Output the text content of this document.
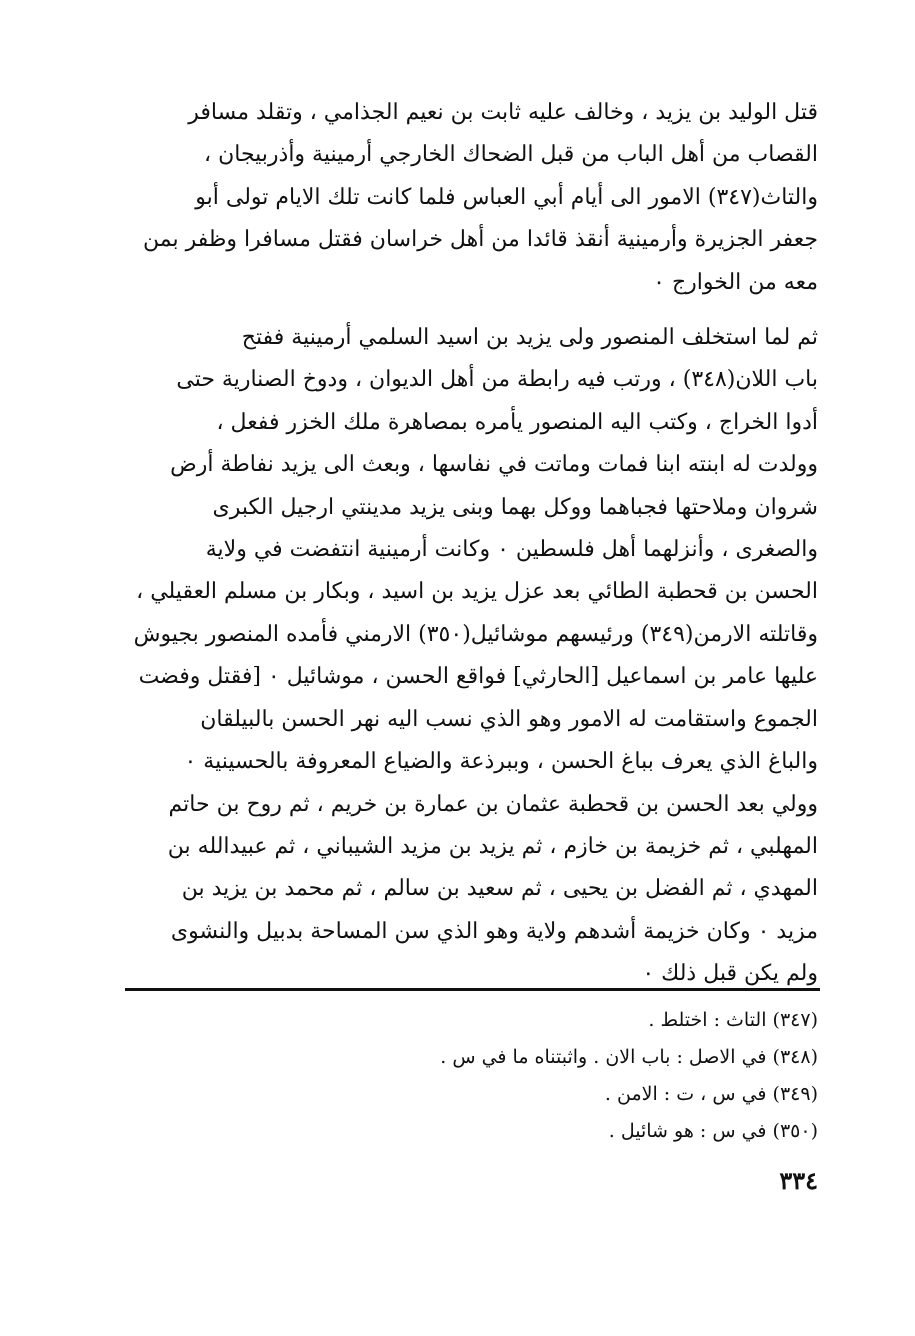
قتل الوليد بن يزيد ، وخالف عليه ثابت بن نعيم الجذامي ، وتقلد مسافر
القصاب من أهل الباب من قبل الضحاك الخارجي أرمينية وأذربيجان ،
والتاث(٣٤٧) الامور الى أيام أبي العباس فلما كانت تلك الايام تولى أبو
جعفر الجزيرة وأرمينية أنقذ قائدا من أهل خراسان فقتل مسافرا وظفر بمن
معه من الخوارج ٠

ثم لما استخلف المنصور ولى يزيد بن اسيد السلمي أرمينية ففتح
باب اللان(٣٤٨) ، ورتب فيه رابطة من أهل الديوان ، ودوخ الصنارية حتى
أدوا الخراج ، وكتب اليه المنصور يأمره بمصاهرة ملك الخزر ففعل ،
وولدت له ابنته ابنا فمات وماتت في نفاسها ، وبعث الى يزيد نفاطة أرض
شروان وملاحتها فجباهما ووكل بهما وبنى يزيد مدينتي ارجيل الكبرى
والصغرى ، وأنزلهما أهل فلسطين ٠ وكانت أرمينية انتفضت في ولاية
الحسن بن قحطبة الطائي بعد عزل يزيد بن اسيد ، وبكار بن مسلم العقيلي ،
وقاتلته الارمن(٣٤٩) ورئيسهم موشائيل(٣٥٠) الارمني فأمده المنصور بجيوش
عليها عامر بن اسماعيل [الحارثي] فواقع الحسن ، موشائيل ٠ [فقتل وفضت
الجموع واستقامت له الامور وهو الذي نسب اليه نهر الحسن بالبيلقان
والباغ الذي يعرف بباغ الحسن ، وببرذعة والضياع المعروفة بالحسينية ٠
وولي بعد الحسن بن قحطبة عثمان بن عمارة بن خريم ، ثم روح بن حاتم
المهلبي ، ثم خزيمة بن خازم ، ثم يزيد بن مزيد الشيباني ، ثم عبيدالله بن
المهدي ، ثم الفضل بن يحيى ، ثم سعيد بن سالم ، ثم محمد بن يزيد بن
مزيد ٠ وكان خزيمة أشدهم ولاية وهو الذي سن المساحة بدبيل والنشوى
ولم يكن قبل ذلك ٠

(٣٤٧) التاث : اختلط .
(٣٤٨) في الاصل : باب الان . واثبتناه ما في س .
(٣٤٩) في س ، ت : الامن .
(٣٥٠) في س : هو شائيل .
٣٣٤
